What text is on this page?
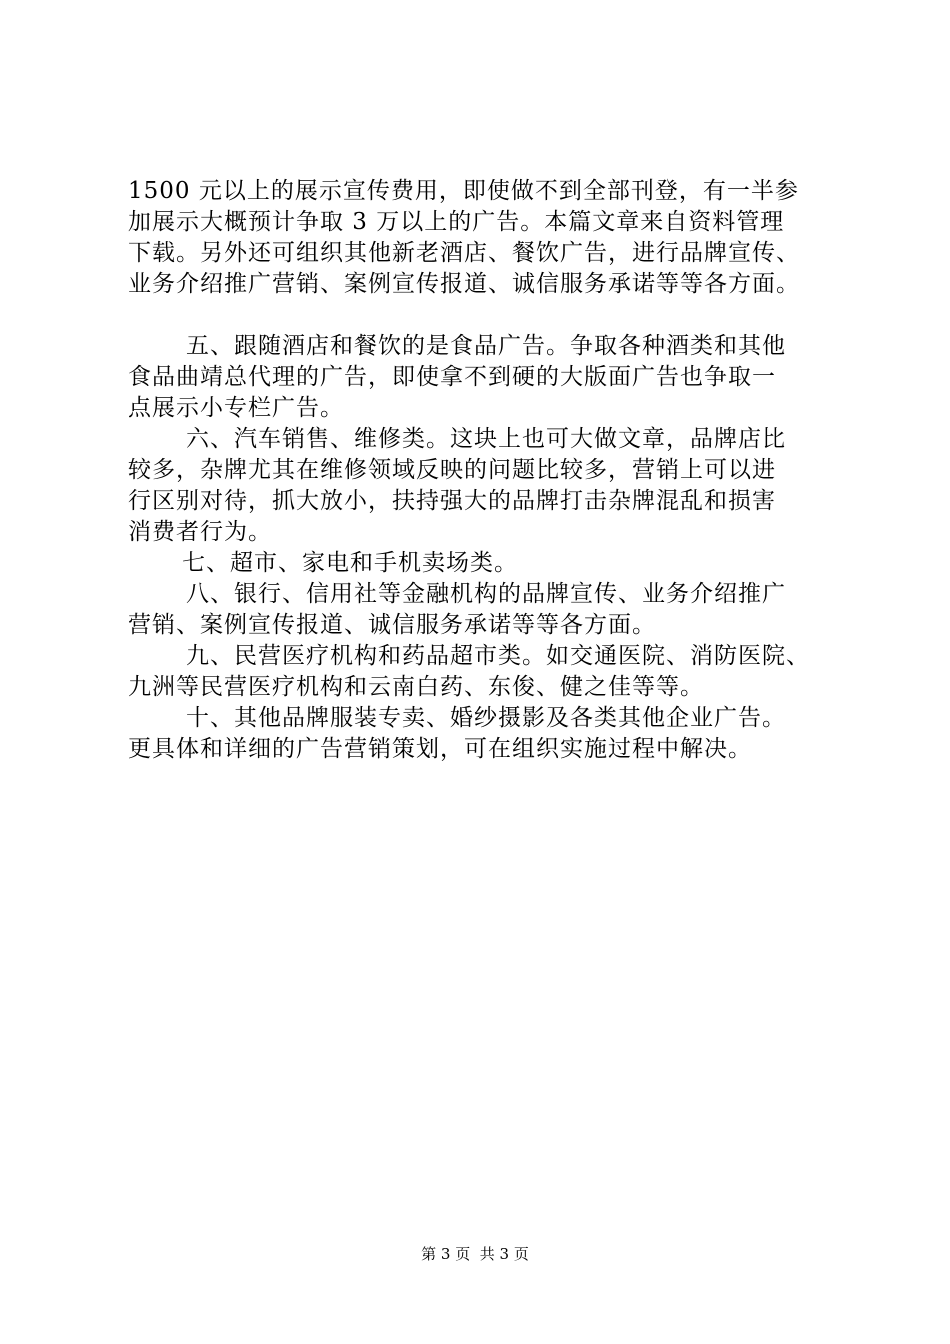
1500 元以上的展示宣传费用，即使做不到全部刊登，有一半参
加展示大概预计争取 3 万以上的广告。本篇文章来自资料管理
下载。另外还可组织其他新老酒店、餐饮广告，进行品牌宣传、
业务介绍推广营销、案例宣传报道、诚信服务承诺等等各方面。
五、跟随酒店和餐饮的是食品广告。争取各种酒类和其他
食品曲靖总代理的广告，即使拿不到硬的大版面广告也争取一
点展示小专栏广告。
六、汽车销售、维修类。这块上也可大做文章，品牌店比
较多，杂牌尤其在维修领域反映的问题比较多，营销上可以进
行区别对待，抓大放小，扶持强大的品牌打击杂牌混乱和损害
消费者行为。
七、超市、家电和手机卖场类。
八、银行、信用社等金融机构的品牌宣传、业务介绍推广
营销、案例宣传报道、诚信服务承诺等等各方面。
九、民营医疗机构和药品超市类。如交通医院、消防医院、
九洲等民营医疗机构和云南白药、东俊、健之佳等等。
十、其他品牌服装专卖、婚纱摄影及各类其他企业广告。
更具体和详细的广告营销策划，可在组织实施过程中解决。
第 3 页  共 3 页
